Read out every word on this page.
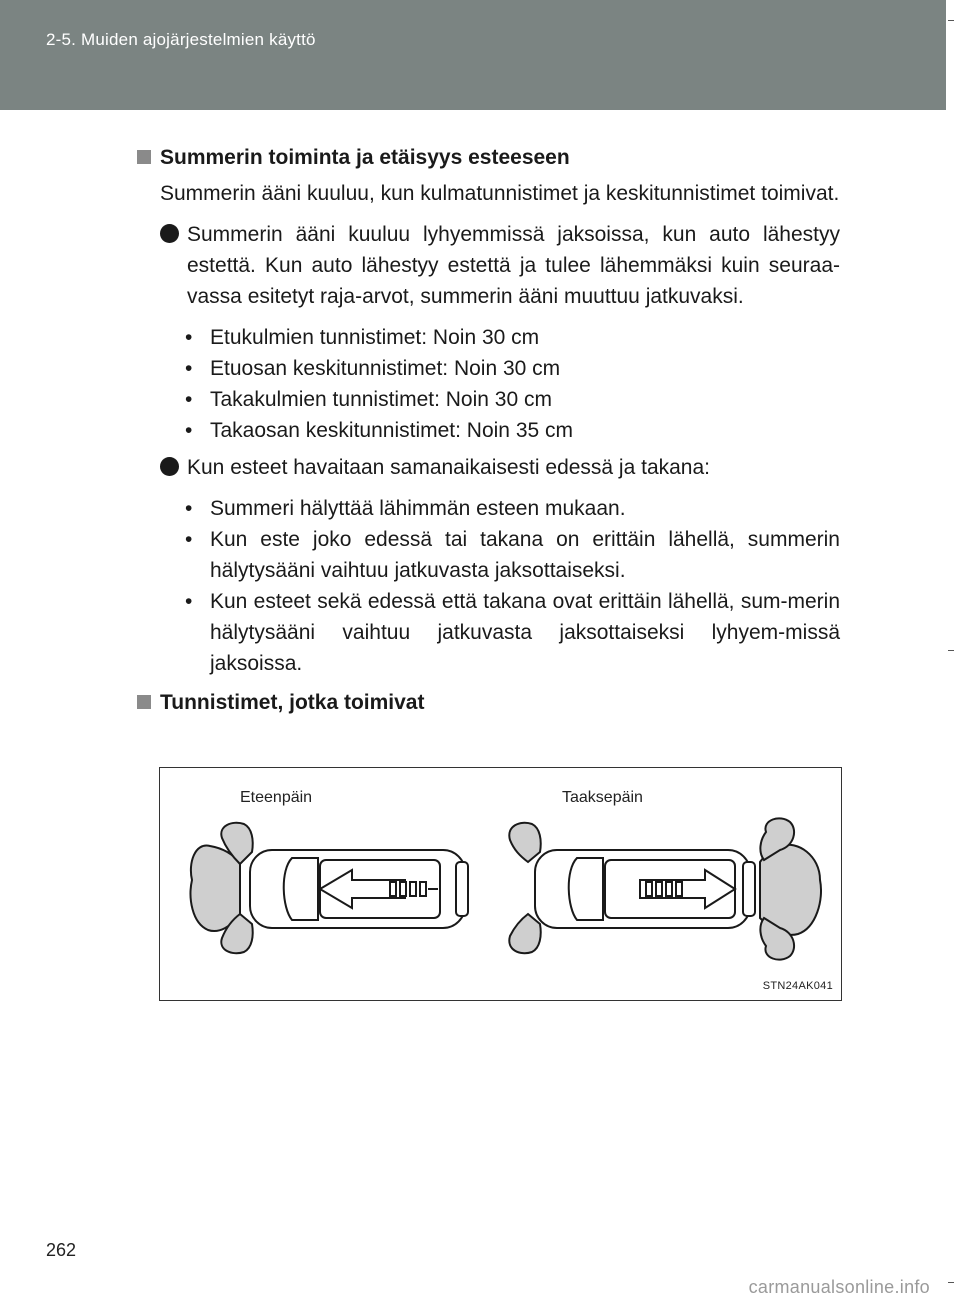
2-5. Muiden ajojärjestelmien käyttö

Summerin toiminta ja etäisyys esteeseen

Summerin ääni kuuluu, kun kulmatunnistimet ja keskitunnistimet toimivat.

Summerin ääni kuuluu lyhyemmissä jaksoissa, kun auto lähestyy estettä. Kun auto lähestyy estettä ja tulee lähemmäksi kuin seuraa-vassa esitetyt raja-arvot, summerin ääni muuttuu jatkuvaksi.
• Etukulmien tunnistimet: Noin 30 cm
• Etuosan keskitunnistimet: Noin 30 cm
• Takakulmien tunnistimet: Noin 30 cm
• Takaosan keskitunnistimet: Noin 35 cm
Kun esteet havaitaan samanaikaisesti edessä ja takana:
• Summeri hälyttää lähimmän esteen mukaan.
• Kun este joko edessä tai takana on erittäin lähellä, summerin hälytysääni vaihtuu jatkuvasta jaksottaiseksi.
• Kun esteet sekä edessä että takana ovat erittäin lähellä, sum-merin hälytysääni vaihtuu jatkuvasta jaksottaiseksi lyhyem-missä jaksoissa.

Tunnistimet, jotka toimivat

Eteenpäin	Taaksepäin
STN24AK041
262
carmanualsonline.info
